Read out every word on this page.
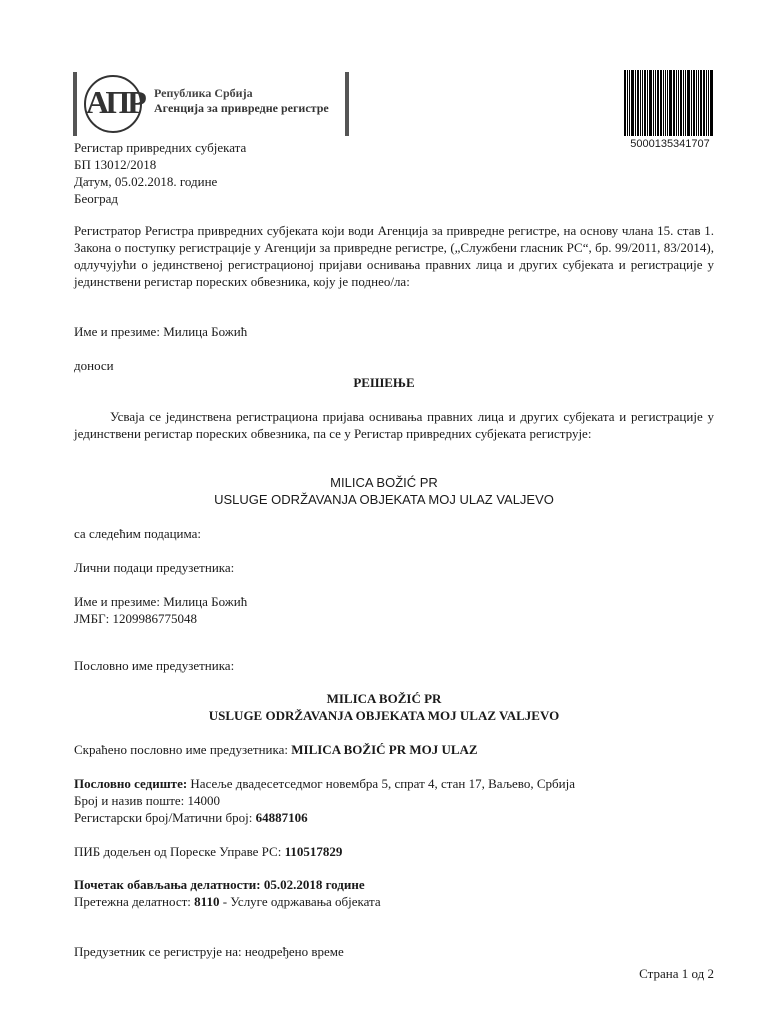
АПР Република Србија
Агенција за привредне регистре
5000135341707
Регистар привредних субјеката
БП 13012/2018
Датум, 05.02.2018. године
Београд
Регистратор Регистра привредних субјеката који води Агенција за привредне регистре, на основу члана 15. став 1. Закона о поступку регистрације у Агенцији за привредне регистре, („Службени гласник РС“, бр. 99/2011, 83/2014), одлучујући о јединственој регистрационој пријави оснивања правних лица и других субјеката и регистрације у јединствени регистар пореских обвезника, коју је поднео/ла:
Име и презиме: Милица Божић
доноси
РЕШЕЊЕ
Усваја се јединствена регистрациона пријава оснивања правних лица и других субјеката и регистрације у јединствени регистар пореских обвезника, па се у Регистар привредних субјеката региструје:
MILICA BOŽIĆ PR
USLUGE ODRŽAVANJA OBJEKATA MOJ ULAZ VALJEVO
са следећим подацима:
Лични подаци предузетника:
Име и презиме: Милица Божић
ЈМБГ: 1209986775048
Пословно име предузетника:
MILICA BOŽIĆ PR
USLUGE ODRŽAVANJA OBJEKATA MOJ ULAZ VALJEVO
Скраћено пословно име предузетника: MILICA BOŽIĆ PR MOJ ULAZ
Пословно седиште: Насеље двадесетседмог новембра 5, спрат 4, стан 17, Ваљево, Србија
Број и назив поште: 14000
Регистарски број/Матични број: 64887106
ПИБ додељен од Пореске Управе РС: 110517829
Почетак обављања делатности: 05.02.2018 године
Претежна делатност: 8110 - Услуге одржавања објеката
Предузетник се региструје на: неодређено време
Страна 1 од 2
